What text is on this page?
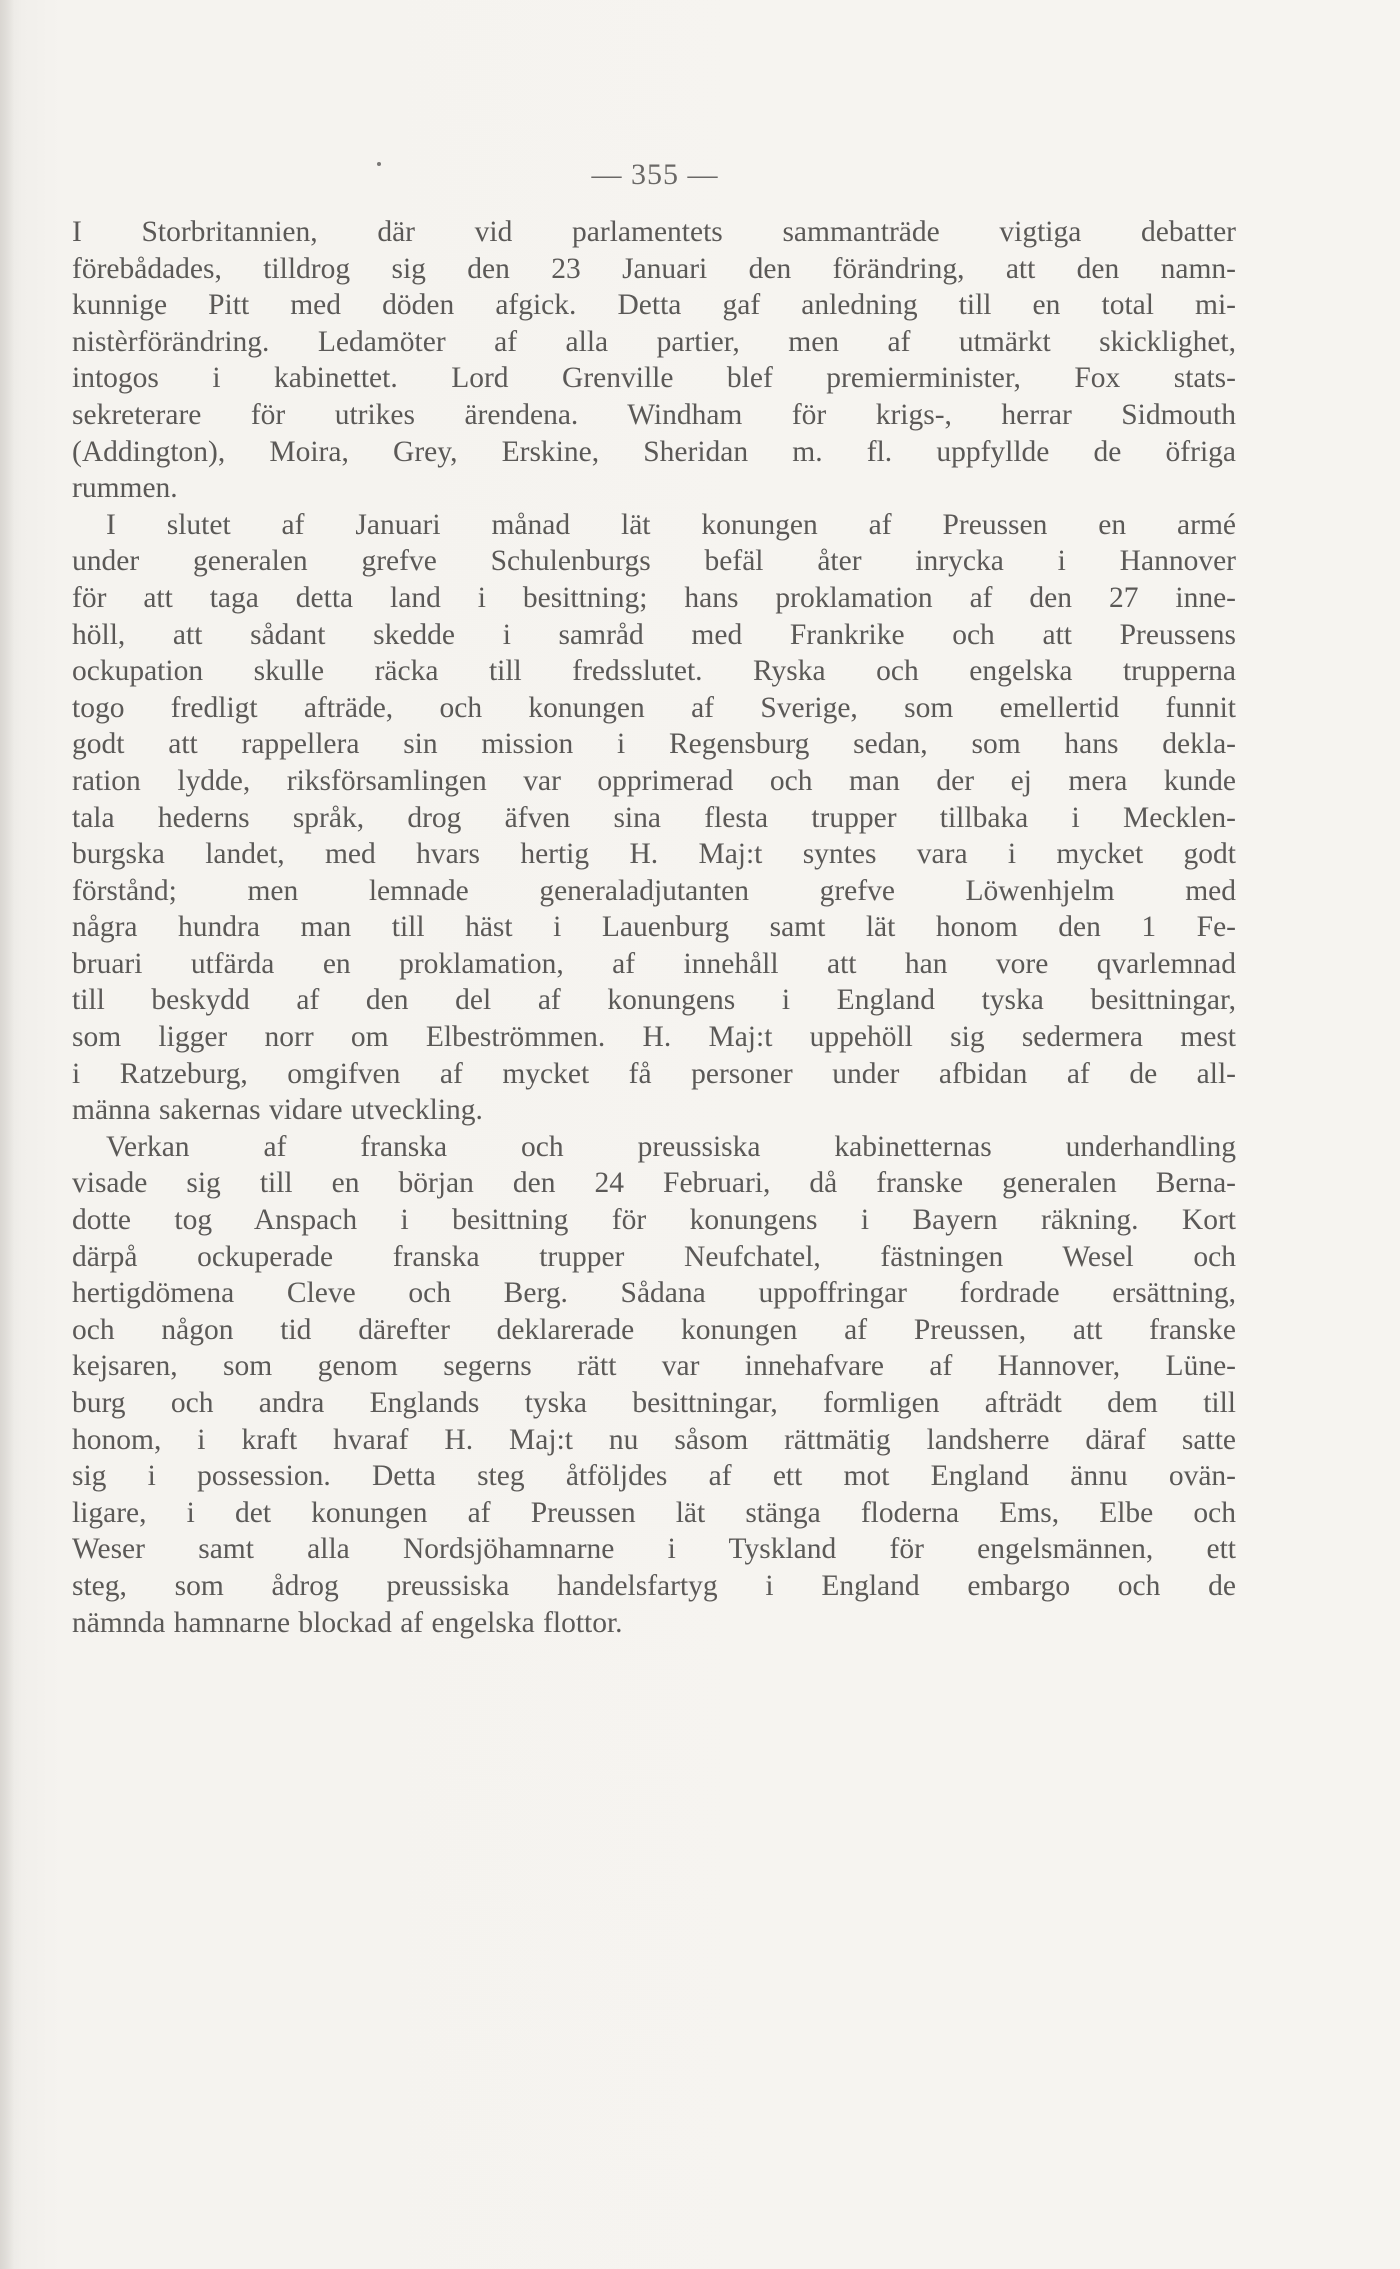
— 355 —
I Storbritannien, där vid parlamentets sammanträde vigtiga debatter
förebådades, tilldrog sig den 23 Januari den förändring, att den namn-
kunnige Pitt med döden afgick. Detta gaf anledning till en total mi-
nistèrförändring. Ledamöter af alla partier, men af utmärkt skicklighet,
intogos i kabinettet. Lord Grenville blef premierminister, Fox stats-
sekreterare för utrikes ärendena. Windham för krigs-, herrar Sidmouth
(Addington), Moira, Grey, Erskine, Sheridan m. fl. uppfyllde de öfriga
rummen.
I slutet af Januari månad lät konungen af Preussen en armé
under generalen grefve Schulenburgs befäl åter inrycka i Hannover
för att taga detta land i besittning; hans proklamation af den 27 inne-
höll, att sådant skedde i samråd med Frankrike och att Preussens
ockupation skulle räcka till fredsslutet. Ryska och engelska trupperna
togo fredligt afträde, och konungen af Sverige, som emellertid funnit
godt att rappellera sin mission i Regensburg sedan, som hans dekla-
ration lydde, riksförsamlingen var opprimerad och man der ej mera kunde
tala hederns språk, drog äfven sina flesta trupper tillbaka i Mecklen-
burgska landet, med hvars hertig H. Maj:t syntes vara i mycket godt
förstånd; men lemnade generaladjutanten grefve Löwenhjelm med
några hundra man till häst i Lauenburg samt lät honom den 1 Fe-
bruari utfärda en proklamation, af innehåll att han vore qvarlemnad
till beskydd af den del af konungens i England tyska besittningar,
som ligger norr om Elbeströmmen. H. Maj:t uppehöll sig sedermera mest
i Ratzeburg, omgifven af mycket få personer under afbidan af de all-
männa sakernas vidare utveckling.
Verkan af franska och preussiska kabinetternas underhandling
visade sig till en början den 24 Februari, då franske generalen Berna-
dotte tog Anspach i besittning för konungens i Bayern räkning. Kort
därpå ockuperade franska trupper Neufchatel, fästningen Wesel och
hertigdömena Cleve och Berg. Sådana uppoffringar fordrade ersättning,
och någon tid därefter deklarerade konungen af Preussen, att franske
kejsaren, som genom segerns rätt var innehafvare af Hannover, Lüne-
burg och andra Englands tyska besittningar, formligen afträdt dem till
honom, i kraft hvaraf H. Maj:t nu såsom rättmätig landsherre däraf satte
sig i possession. Detta steg åtföljdes af ett mot England ännu ovän-
ligare, i det konungen af Preussen lät stänga floderna Ems, Elbe och
Weser samt alla Nordsjöhamnarne i Tyskland för engelsmännen, ett
steg, som ådrog preussiska handelsfartyg i England embargo och de
nämnda hamnarne blockad af engelska flottor.
